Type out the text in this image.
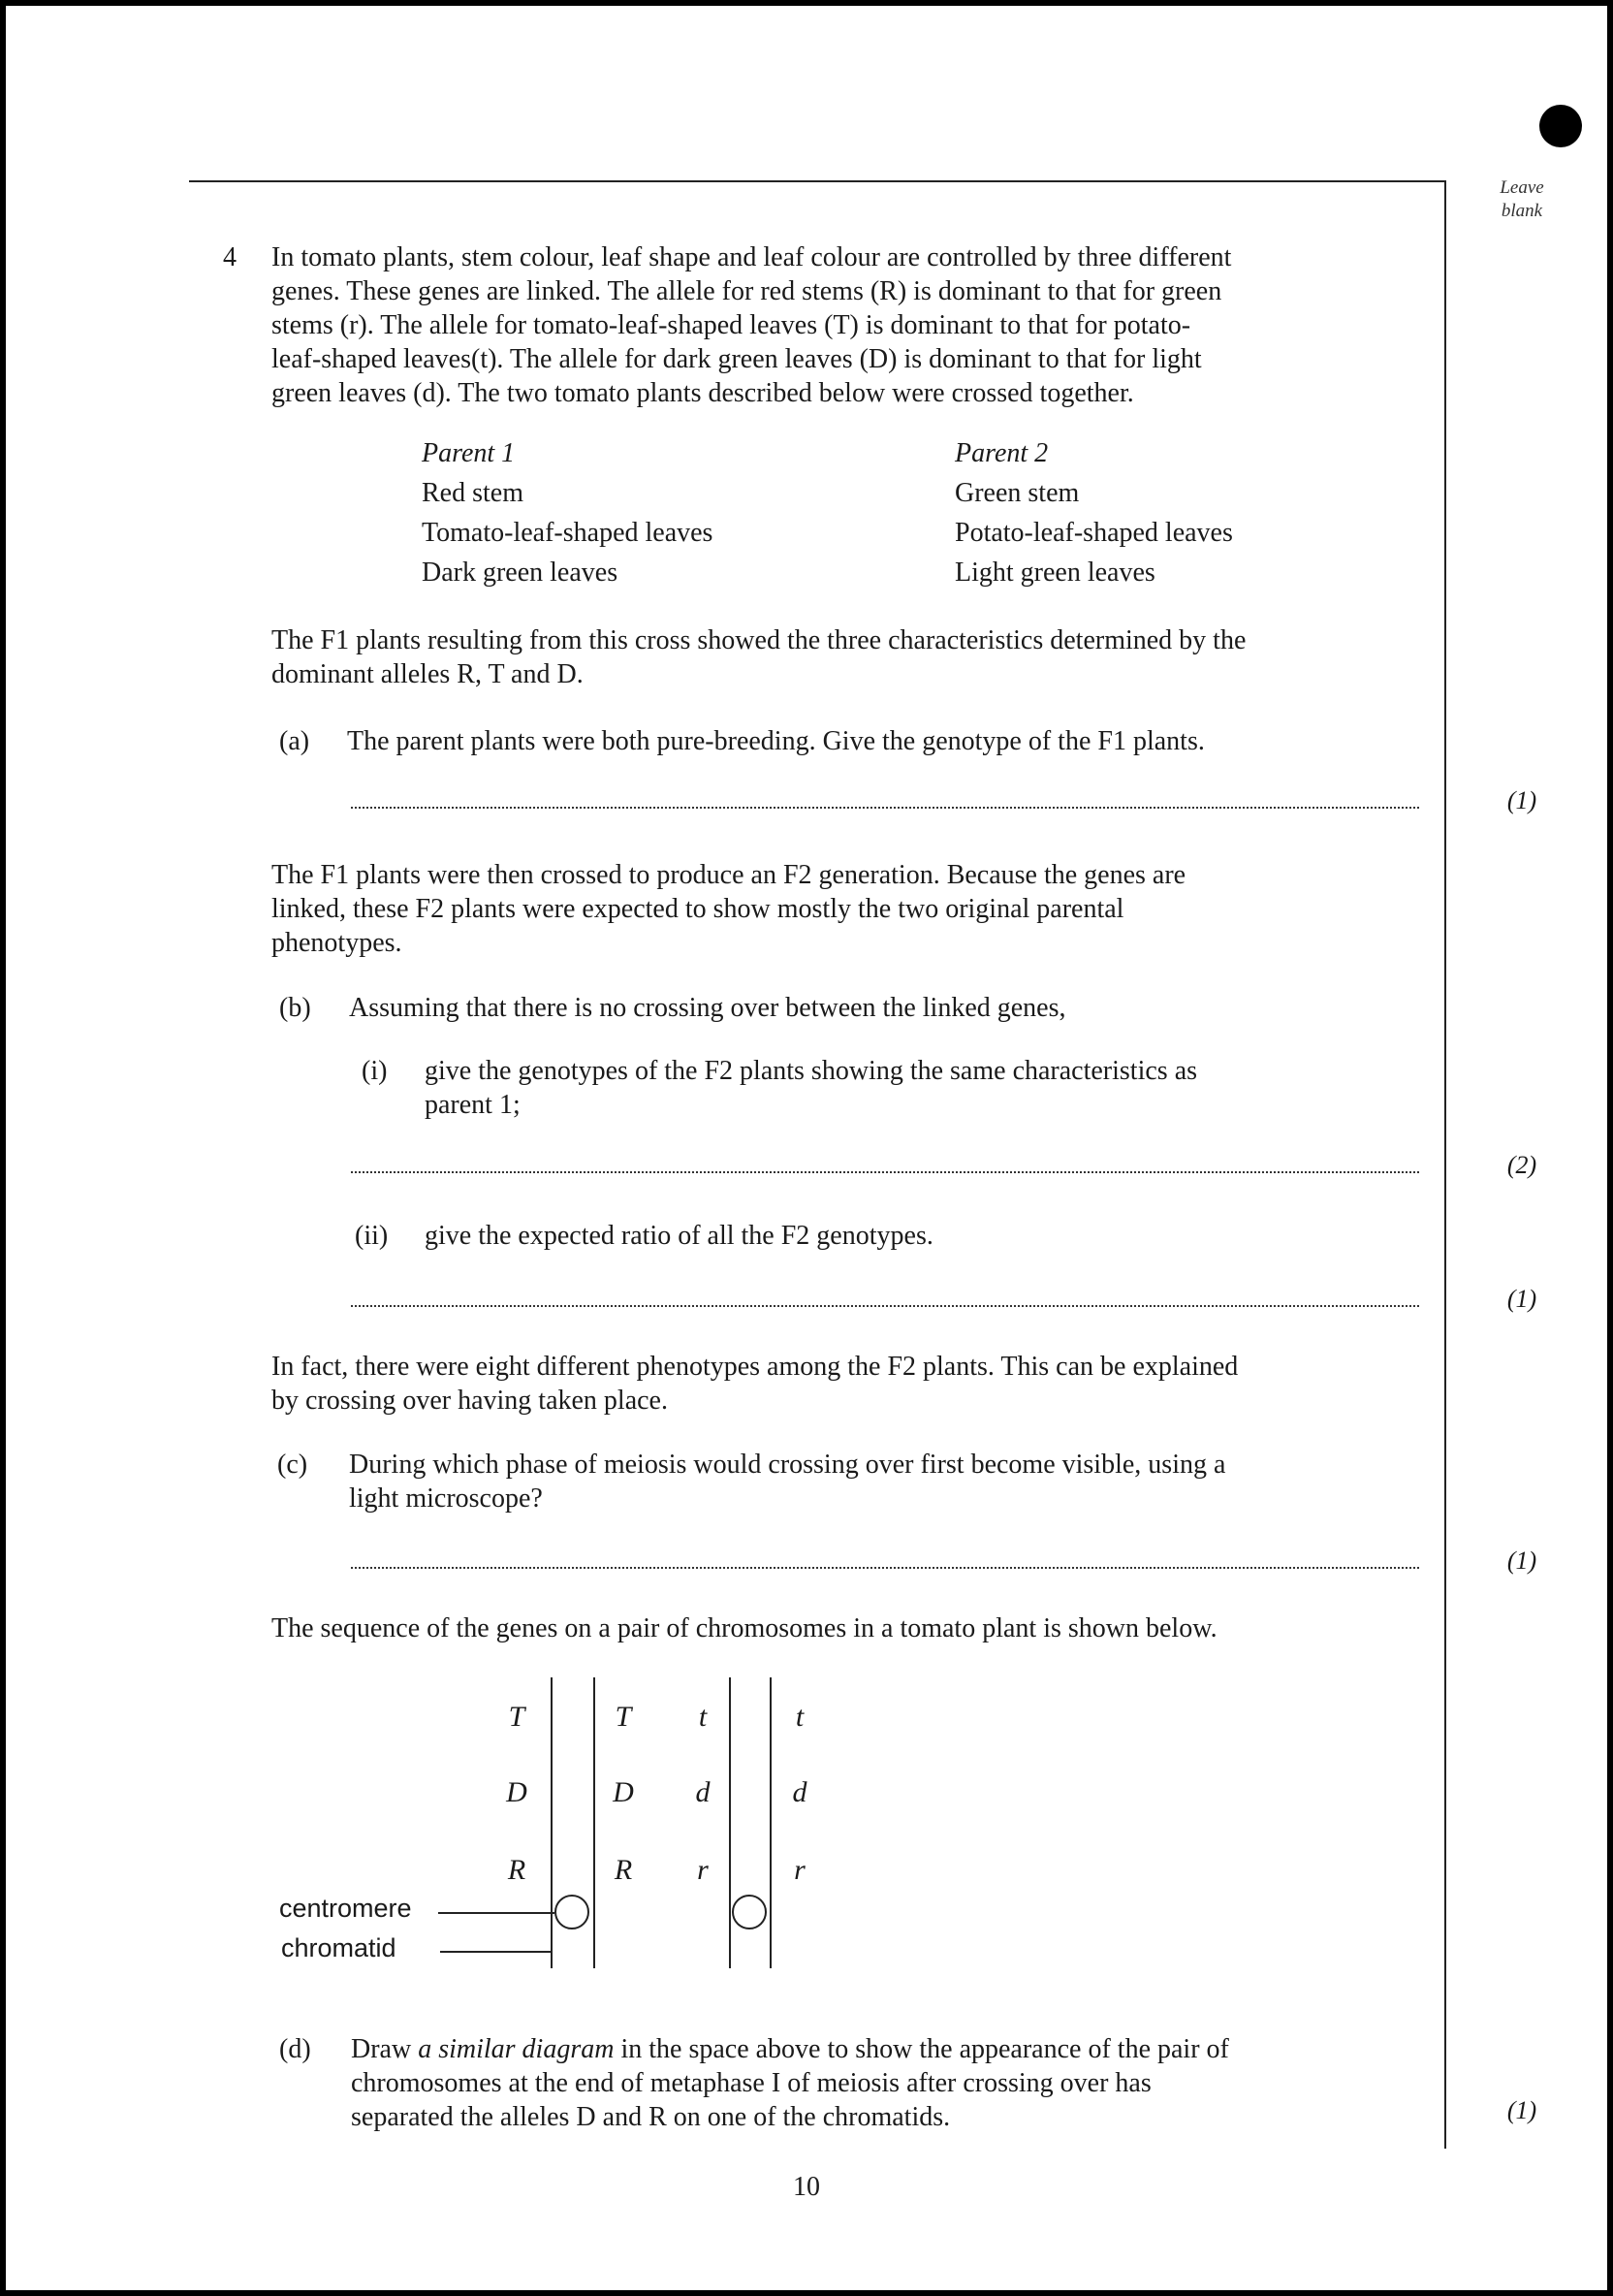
Leave blank
4 In tomato plants, stem colour, leaf shape and leaf colour are controlled by three different
genes. These genes are linked. The allele for red stems (R) is dominant to that for green
stems (r). The allele for tomato-leaf-shaped leaves (T) is dominant to that for potato-
leaf-shaped leaves(t). The allele for dark green leaves (D) is dominant to that for light
green leaves (d). The two tomato plants described below were crossed together.
Parent 1
Red stem
Tomato-leaf-shaped leaves
Dark green leaves
Parent 2
Green stem
Potato-leaf-shaped leaves
Light green leaves
The F1 plants resulting from this cross showed the three characteristics determined by the
dominant alleles R, T and D.
(a) The parent plants were both pure-breeding. Give the genotype of the F1 plants.
(1)
The F1 plants were then crossed to produce an F2 generation. Because the genes are
linked, these F2 plants were expected to show mostly the two original parental
phenotypes.
(b) Assuming that there is no crossing over between the linked genes,
(i) give the genotypes of the F2 plants showing the same characteristics as
parent 1;
(2)
(ii) give the expected ratio of all the F2 genotypes.
(1)
In fact, there were eight different phenotypes among the F2 plants. This can be explained
by crossing over having taken place.
(c) During which phase of meiosis would crossing over first become visible, using a
light microscope?
(1)
The sequence of the genes on a pair of chromosomes in a tomato plant is shown below.
T
D
R
T
D
R
t
d
r
t
d
r
centromere
chromatid
(d) Draw a similar diagram in the space above to show the appearance of the pair of
chromosomes at the end of metaphase I of meiosis after crossing over has
separated the alleles D and R on one of the chromatids.	(1)
10
